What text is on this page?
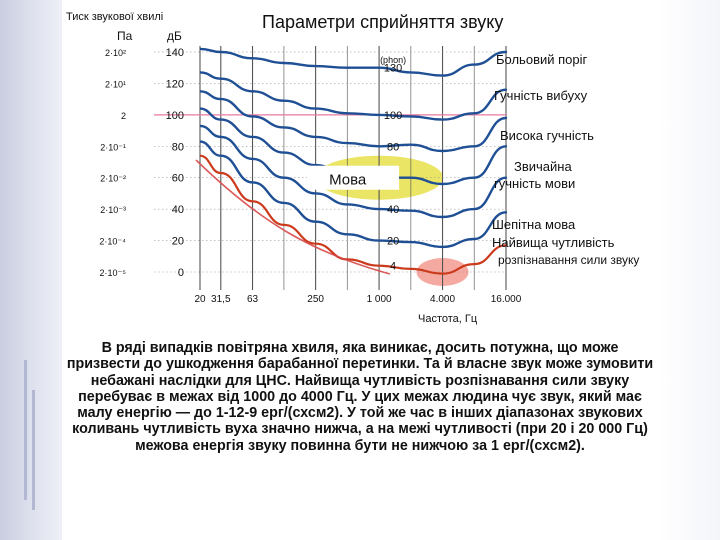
0
2·10⁻⁵
20
2·10⁻⁴
40
2·10⁻³
60
2·10⁻²
80
2·10⁻¹
100
2
120
2·10¹
140
2·10²
20 31,5 63	250	1 000	4.000	16.000
130
100
80
40
20
4
(phon)
Тиск звукової хвилі
Па	дБ
Частота, Гц
Параметри сприйняття звуку
Мова
Больовий поріг
Гучність вибуху
Висока гучність
Звичайна
гучність мови
Шепітна мова
Найвища чутливість
розпізнавання сили звуку

В ряді випадків повітряна хвиля, яка виникає, досить потужна, що може призвести до ушкодження барабанної перетинки. Та й власне звук може зумовити небажані наслідки для ЦНС. Найвища чутливість розпізнавання сили звуку перебуває в межах від 1000 до 4000 Гц. У цих межах людина чує звук, який має малу енергію — до 1-12-9 ерг/(схсм2). У той же час в інших діапазонах звукових коливань чутливість вуха значно нижча, а на межі чутливості (при 20 і 20 000 Гц) межова енергія звуку повинна бути не нижчою за 1 ерг/(схсм2).
